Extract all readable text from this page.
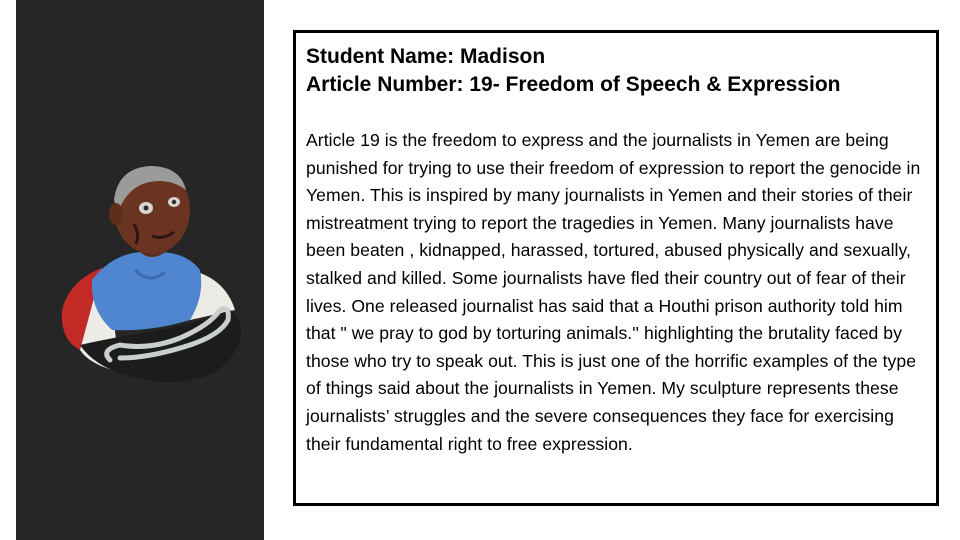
Student Name: Madison

Article Number: 19- Freedom of Speech & Expression

Article 19 is the freedom to express and the journalists in Yemen are being punished for trying to use their freedom of expression to report the genocide in Yemen. This is inspired by many journalists in Yemen and their stories of their mistreatment trying to report the tragedies in Yemen. Many journalists have been beaten , kidnapped, harassed, tortured, abused physically and sexually, stalked and killed. Some journalists have fled their country out of fear of their lives. One released journalist has said that a Houthi prison authority told him that " we pray to god by torturing animals.'' highlighting the brutality faced by those who try to speak out. This is just one of the horrific examples of the type of things said about the journalists in Yemen. My sculpture represents these journalists’ struggles and the severe consequences they face for exercising their fundamental right to free expression.
